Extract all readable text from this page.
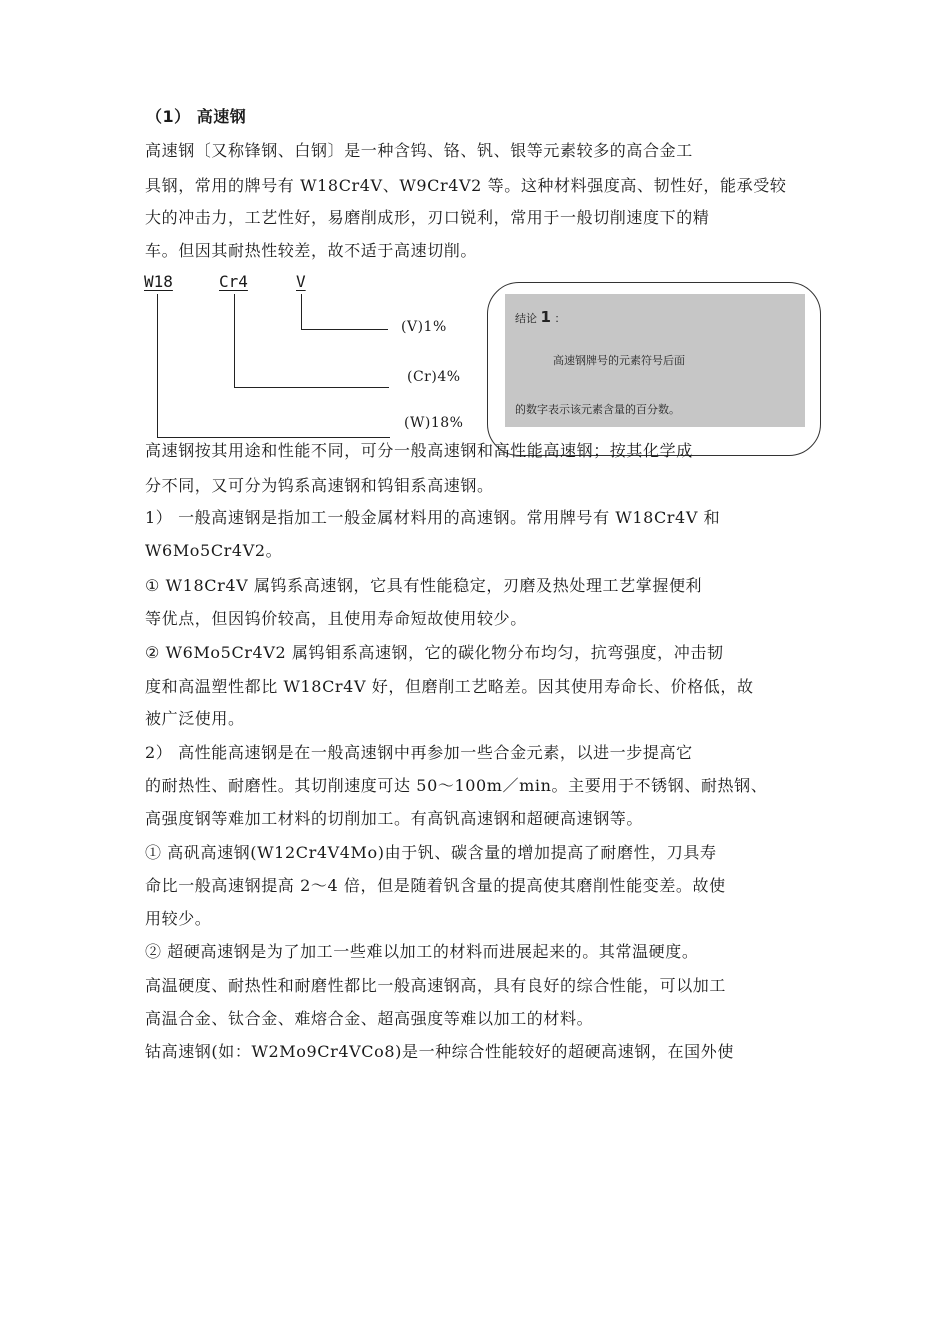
（1） 高速钢
高速钢〔又称锋钢、白钢〕是一种含钨、铬、钒、银等元素较多的高合金工
具钢，常用的牌号有 W18Cr4V、W9Cr4V2 等。这种材料强度高、韧性好，能承受较
大的冲击力，工艺性好，易磨削成形，刃口锐利，常用于一般切削速度下的精
车。但因其耐热性较差，故不适于高速切削。
W18	Cr4	V
(V)1%
(Cr)4%
(W)18%
结论 1 ：
高速钢牌号的元素符号后面
的数字表示该元素含量的百分数。
高速钢按其用途和性能不同，可分一般高速钢和高性能高速钢；按其化学成
分不同，又可分为钨系高速钢和钨钼系高速钢。
1） 一般高速钢是指加工一般金属材料用的高速钢。常用牌号有 W18Cr4V 和
W6Mo5Cr4V2。
① W18Cr4V 属钨系高速钢，它具有性能稳定，刃磨及热处理工艺掌握便利
等优点，但因钨价较高，且使用寿命短故使用较少。
② W6Mo5Cr4V2 属钨钼系高速钢，它的碳化物分布均匀，抗弯强度，冲击韧
度和高温塑性都比 W18Cr4V 好，但磨削工艺略差。因其使用寿命长、价格低，故
被广泛使用。
2） 高性能高速钢是在一般高速钢中再参加一些合金元素，以进一步提高它
的耐热性、耐磨性。其切削速度可达 50～100m／min。主要用于不锈钢、耐热钢、
高强度钢等难加工材料的切削加工。有高钒高速钢和超硬高速钢等。
① 高矾高速钢(W12Cr4V4Mo)由于钒、碳含量的增加提高了耐磨性，刀具寿
命比一般高速钢提高 2～4 倍，但是随着钒含量的提高使其磨削性能变差。故使
用较少。
② 超硬高速钢是为了加工一些难以加工的材料而进展起来的。其常温硬度。
高温硬度、耐热性和耐磨性都比一般高速钢高，具有良好的综合性能，可以加工
高温合金、钛合金、难熔合金、超高强度等难以加工的材料。
钴高速钢(如：W2Mo9Cr4VCo8)是一种综合性能较好的超硬高速钢，在国外使
